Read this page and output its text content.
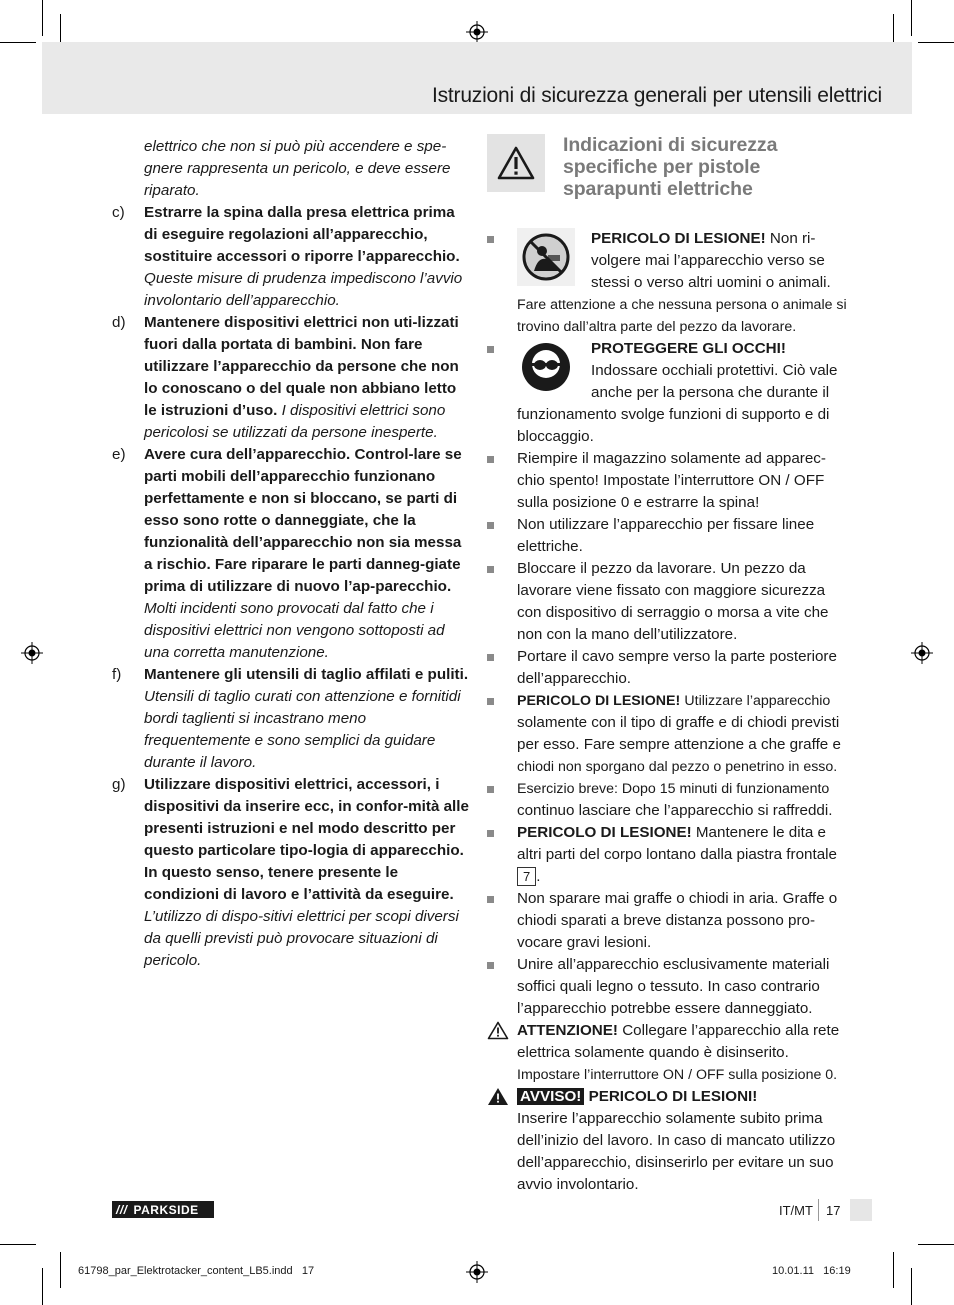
Istruzioni di sicurezza generali per utensili elettrici
elettrico che non si può più accendere e spe-gnere rappresenta un pericolo, e deve essere riparato.
c)	Estrarre la spina dalla presa elettrica prima di eseguire regolazioni all’apparecchio, sostituire accessori o riporre l’apparecchio. Queste misure di prudenza impediscono l’avvio involontario dell’apparecchio.
d)	Mantenere dispositivi elettrici non uti-lizzati fuori dalla portata di bambini. Non fare utilizzare l’apparecchio da persone che non lo conoscano o del quale non abbiano letto le istruzioni d’uso. I dispositivi elettrici sono pericolosi se utilizzati da persone inesperte.
e)	Avere cura dell’apparecchio. Control-lare se parti mobili dell’apparecchio funzionano perfettamente e non si bloccano, se parti di esso sono rotte o danneggiate, che la funzionalità dell’apparecchio non sia messa a rischio. Fare riparare le parti danneg-giate prima di utilizzare di nuovo l’ap-parecchio. Molti incidenti sono provocati dal fatto che i dispositivi elettrici non vengono sottoposti ad una corretta manutenzione.
f)	Mantenere gli utensili di taglio affilati e puliti. Utensili di taglio curati con attenzione e fornitidi bordi taglienti si incastrano meno frequentemente e sono semplici da guidare durante il lavoro.
g)	Utilizzare dispositivi elettrici, accessori, i dispositivi da inserire ecc, in confor-mità alle presenti istruzioni e nel modo descritto per questo particolare tipo-logia di apparecchio. In questo senso, tenere presente le condizioni di lavoro e l’attività da eseguire. L’utilizzo di dispo-sitivi elettrici per scopi diversi da quelli previsti può provocare situazioni di pericolo.
Indicazioni di sicurezza specifiche per pistole sparapunti elettriche
PERICOLO DI LESIONE! Non ri-volgere mai l’apparecchio verso se stessi o verso altri uomini o animali. Fare attenzione a che nessuna persona o animale si trovino dall’altra parte del pezzo da lavorare.
PROTEGGERE GLI OCCHI!
Indossare occhiali protettivi. Ciò vale anche per la persona che durante il funzionamento svolge funzioni di supporto e di bloccaggio.
Riempire il magazzino solamente ad apparec-chio spento! Impostate l’interruttore ON / OFF sulla posizione 0 e estrarre la spina!
Non utilizzare l’apparecchio per fissare linee elettriche.
Bloccare il pezzo da lavorare. Un pezzo da lavorare viene fissato con maggiore sicurezza con dispositivo di serraggio o morsa a vite che non con la mano dell’utilizzatore.
Portare il cavo sempre verso la parte posteriore dell’apparecchio.
PERICOLO DI LESIONE! Utilizzare l’apparecchio solamente con il tipo di graffe e di chiodi previsti per esso. Fare sempre attenzione a che graffe e chiodi non sporgano dal pezzo o penetrino in esso.
Esercizio breve: Dopo 15 minuti di funzionamento continuo lasciare che l’apparecchio si raffreddi.
PERICOLO DI LESIONE! Mantenere le dita e altri parti del corpo lontano dalla piastra frontale 7 .
Non sparare mai graffe o chiodi in aria. Graffe o chiodi sparati a breve distanza possono pro-vocare gravi lesioni.
Unire all’apparecchio esclusivamente materiali soffici quali legno o tessuto. In caso contrario l’apparecchio potrebbe essere danneggiato.
ATTENZIONE! Collegare l’apparecchio alla rete elettrica solamente quando è disinserito. Impostare l’interruttore ON / OFF sulla posizione 0.
AVVISO! PERICOLO DI LESIONI!
Inserire l’apparecchio solamente subito prima dell’inizio del lavoro. In caso di mancato utilizzo dell’apparecchio, disinserirlo per evitare un suo avvio involontario.
/// PARKSIDE	IT/MT 17
61798_par_Elektrotacker_content_LB5.indd   17	10.01.11   16:19
